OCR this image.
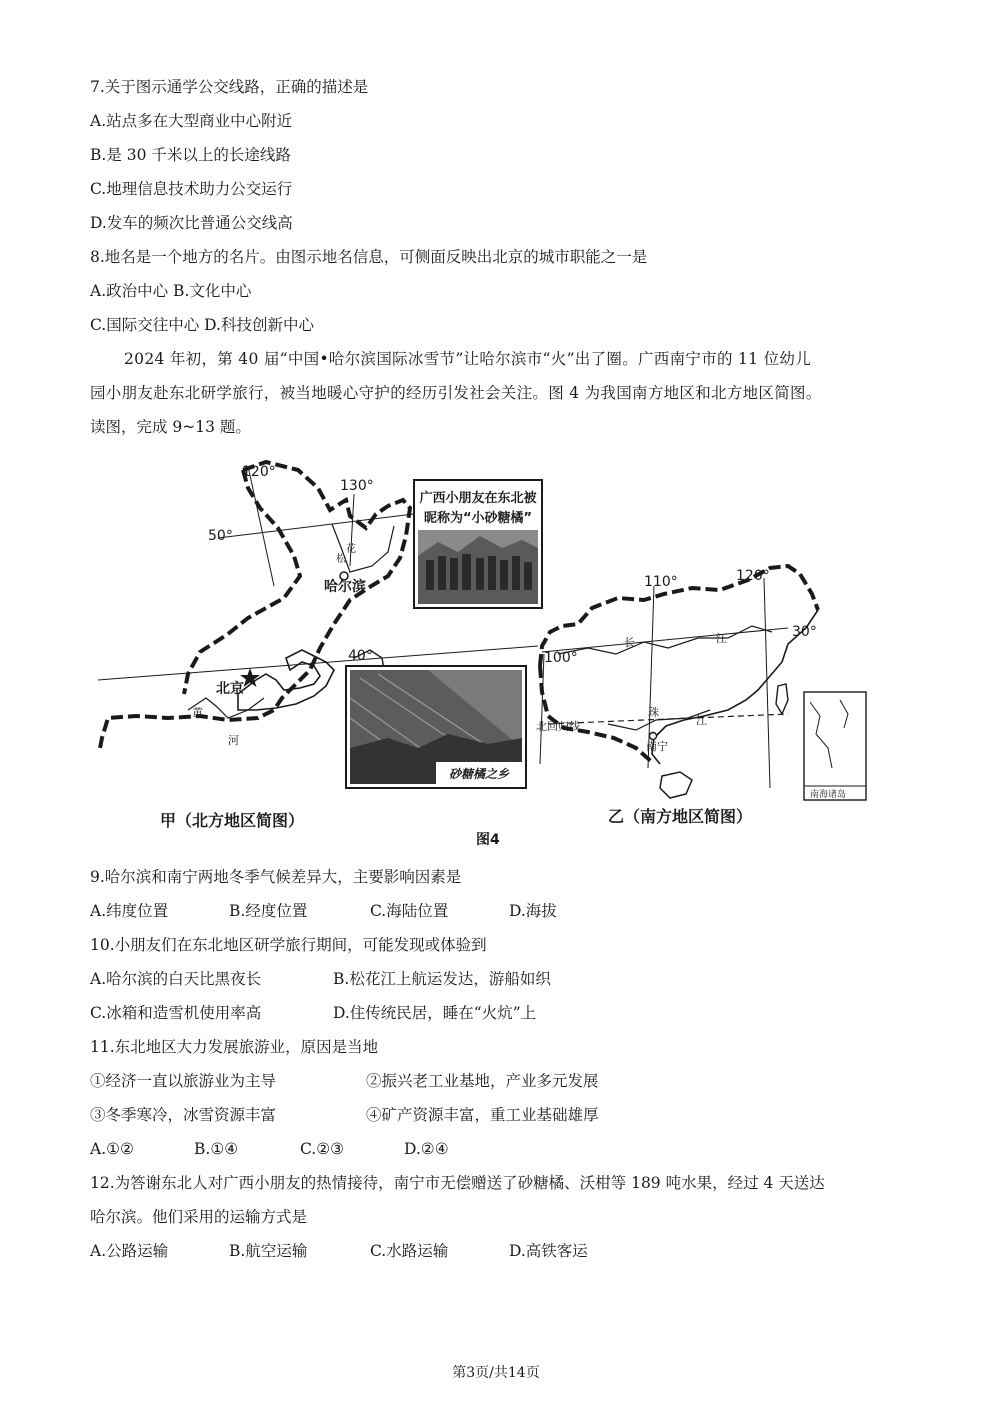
7.关于图示通学公交线路，正确的描述是
A.站点多在大型商业中心附近
B.是 30 千米以上的长途线路
C.地理信息技术助力公交运行
D.发车的频次比普通公交线高
8.地名是一个地方的名片。由图示地名信息，可侧面反映出北京的城市职能之一是
A.政治中心 B.文化中心
C.国际交往中心 D.科技创新中心
2024 年初，第 40 届“中国•哈尔滨国际冰雪节”让哈尔滨市“火”出了圈。广西南宁市的 11 位幼儿
园小朋友赴东北研学旅行，被当地暖心守护的经历引发社会关注。图 4 为我国南方地区和北方地区简图。
读图，完成 9~13 题。
广西小朋友在东北被昵称为“小砂糖橘”
砂糖橘之乡
120°
130°
50°
40°
哈尔滨
北京
松
花
黄
河
110°	120°
100°
30°
长	江
北回归线
珠
江
南宁
南海诸岛
甲（北方地区简图）	乙（南方地区简图）
图4
9.哈尔滨和南宁两地冬季气候差异大，主要影响因素是
A.纬度位置	B.经度位置	C.海陆位置	D.海拔
10.小朋友们在东北地区研学旅行期间，可能发现或体验到
A.哈尔滨的白天比黑夜长	B.松花江上航运发达，游船如织
C.冰箱和造雪机使用率高	D.住传统民居，睡在“火炕”上
11.东北地区大力发展旅游业，原因是当地
①经济一直以旅游业为主导	②振兴老工业基地，产业多元发展
③冬季寒冷，冰雪资源丰富	④矿产资源丰富，重工业基础雄厚
A.①②	B.①④	C.②③	D.②④
12.为答谢东北人对广西小朋友的热情接待，南宁市无偿赠送了砂糖橘、沃柑等 189 吨水果，经过 4 天送达
哈尔滨。他们采用的运输方式是
A.公路运输	B.航空运输	C.水路运输	D.高铁客运
第3页/共14页
